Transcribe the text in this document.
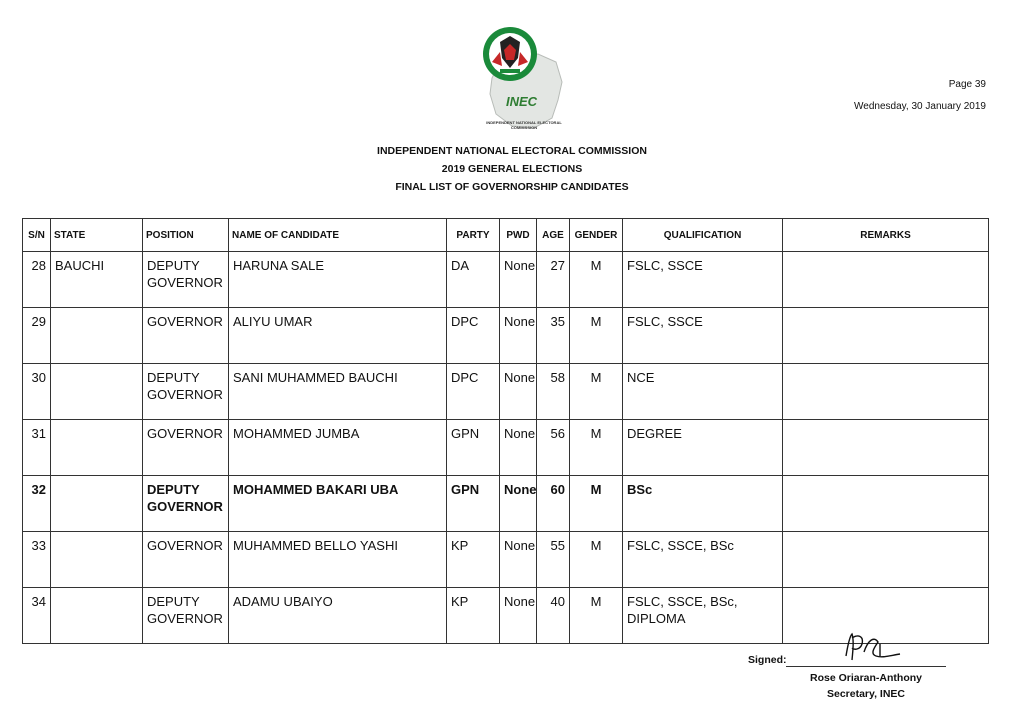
INEC
INDEPENDENT NATIONAL ELECTORAL COMMISSION
Page 39
Wednesday, 30 January 2019
INDEPENDENT NATIONAL ELECTORAL COMMISSION
2019 GENERAL ELECTIONS
FINAL LIST OF GOVERNORSHIP CANDIDATES
S/N	STATE	POSITION	NAME OF CANDIDATE	PARTY	PWD	AGE	GENDER	QUALIFICATION	REMARKS
28	BAUCHI	DEPUTY GOVERNOR	HARUNA SALE	DA	None	27	M	FSLC, SSCE	
29		GOVERNOR	ALIYU UMAR	DPC	None	35	M	FSLC, SSCE	
30		DEPUTY GOVERNOR	SANI MUHAMMED BAUCHI	DPC	None	58	M	NCE	
31		GOVERNOR	MOHAMMED JUMBA	GPN	None	56	M	DEGREE	
32		DEPUTY GOVERNOR	MOHAMMED BAKARI UBA	GPN	None	60	M	BSc	
33		GOVERNOR	MUHAMMED BELLO YASHI	KP	None	55	M	FSLC, SSCE, BSc	
34		DEPUTY GOVERNOR	ADAMU UBAIYO	KP	None	40	M	FSLC, SSCE, BSc, DIPLOMA	
Signed:
Rose Oriaran-Anthony
Secretary, INEC
